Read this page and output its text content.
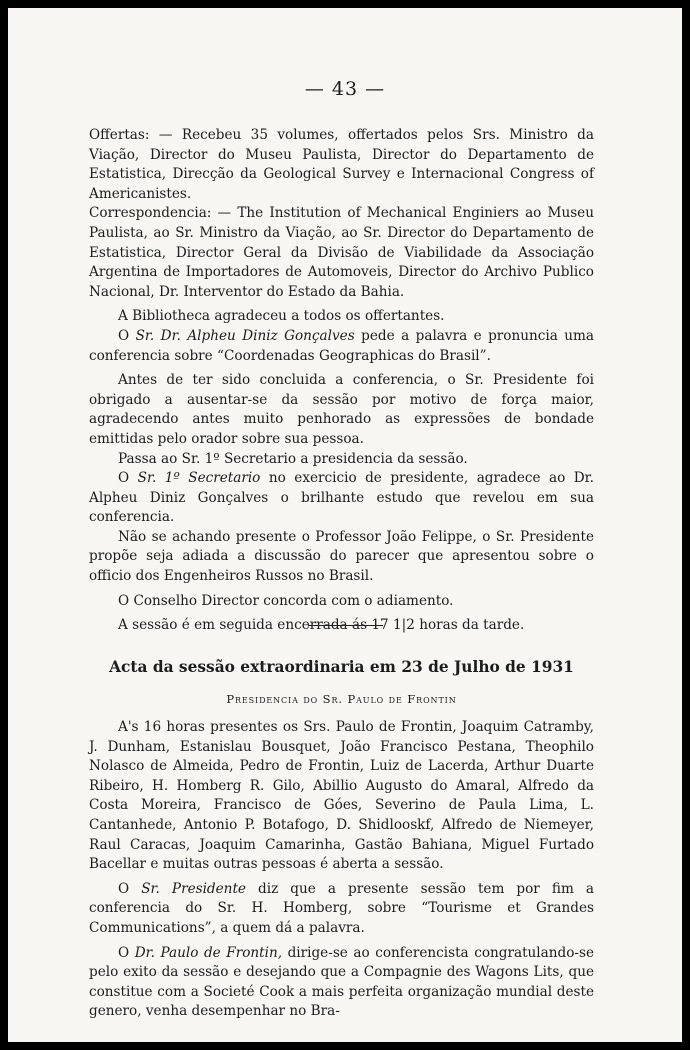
— 43 —

Offertas: — Recebeu 35 volumes, offertados pelos Srs. Ministro da Viação, Director do Museu Paulista, Director do Departamento de Estatistica, Direcção da Geological Survey e Internacional Congress of Americanistes.

Correspondencia: — The Institution of Mechanical Enginiers ao Museu Paulista, ao Sr. Ministro da Viação, ao Sr. Director do Departamento de Estatistica, Director Geral da Divisão de Viabilidade da Associação Argentina de Importadores de Automoveis, Director do Archivo Publico Nacional, Dr. Interventor do Estado da Bahia.

A Bibliotheca agradeceu a todos os offertantes.

O Sr. Dr. Alpheu Diniz Gonçalves pede a palavra e pronuncia uma conferencia sobre “Coordenadas Geographicas do Brasil”.

Antes de ter sido concluida a conferencia, o Sr. Presidente foi obrigado a ausentar-se da sessão por motivo de força maior, agradecendo antes muito penhorado as expressões de bondade emittidas pelo orador sobre sua pessoa.

Passa ao Sr. 1º Secretario a presidencia da sessão.

O Sr. 1º Secretario no exercicio de presidente, agradece ao Dr. Alpheu Diniz Gonçalves o brilhante estudo que revelou em sua conferencia.

Não se achando presente o Professor João Felippe, o Sr. Presidente propõe seja adiada a discussão do parecer que apresentou sobre o officio dos Engenheiros Russos no Brasil.

O Conselho Director concorda com o adiamento.

A sessão é em seguida encerrada ás 17 1|2 horas da tarde.

Acta da sessão extraordinaria em 23 de Julho de 1931
Presidencia do Sr. Paulo de Frontin

A's 16 horas presentes os Srs. Paulo de Frontin, Joaquim Catramby, J. Dunham, Estanislau Bousquet, João Francisco Pestana, Theophilo Nolasco de Almeida, Pedro de Frontin, Luiz de Lacerda, Arthur Duarte Ribeiro, H. Homberg R. Gilo, Abillio Augusto do Amaral, Alfredo da Costa Moreira, Francisco de Góes, Severino de Paula Lima, L. Cantanhede, Antonio P. Botafogo, D. Shidlooskf, Alfredo de Niemeyer, Raul Caracas, Joaquim Camarinha, Gastão Bahiana, Miguel Furtado Bacellar e muitas outras pessoas é aberta a sessão.

O Sr. Presidente diz que a presente sessão tem por fim a conferencia do Sr. H. Homberg, sobre “Tourisme et Grandes Communications”, a quem dá a palavra.

O Dr. Paulo de Frontin, dirige-se ao conferencista congratulando-se pelo exito da sessão e desejando que a Compagnie des Wagons Lits, que constitue com a Societé Cook a mais perfeita organização mundial deste genero, venha desempenhar no Bra-
